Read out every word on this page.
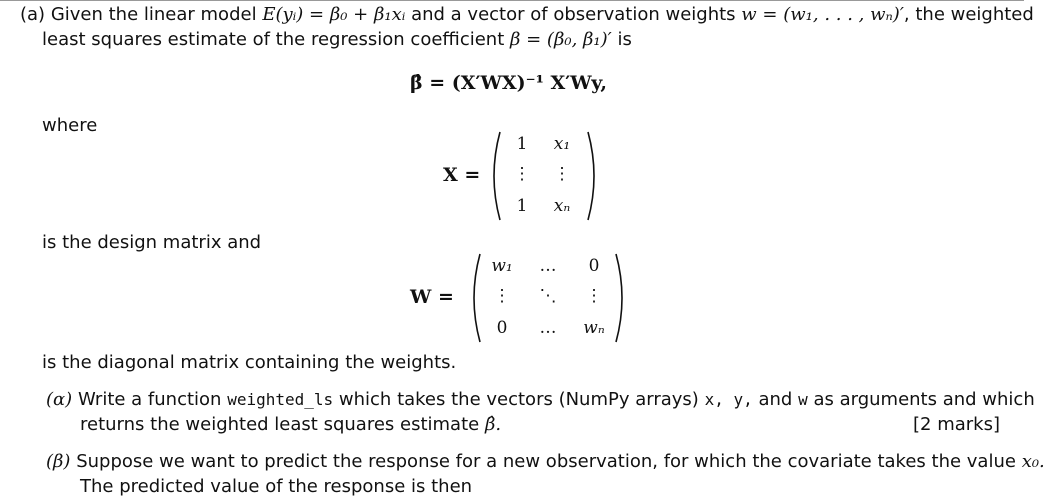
(a) Given the linear model E(yᵢ) = β₀ + β₁xᵢ and a vector of observation weights w = (w₁, . . . , wₙ)′, the weighted
least squares estimate of the regression coefficient β = (β₀, β₁)′ is
β̂ = (X′WX)⁻¹ X′Wy,
where
X =
1	x₁
⋮	⋮
1	xₙ
is the design matrix and
W =
w₁	…	0
⋮	⋱	⋮
0	…	wₙ
is the diagonal matrix containing the weights.
(α) Write a function weighted_ls which takes the vectors (NumPy arrays) x, y, and w as arguments and which
returns the weighted least squares estimate β̂.	[2 marks]
(β) Suppose we want to predict the response for a new observation, for which the covariate takes the value x₀.
The predicted value of the response is then
